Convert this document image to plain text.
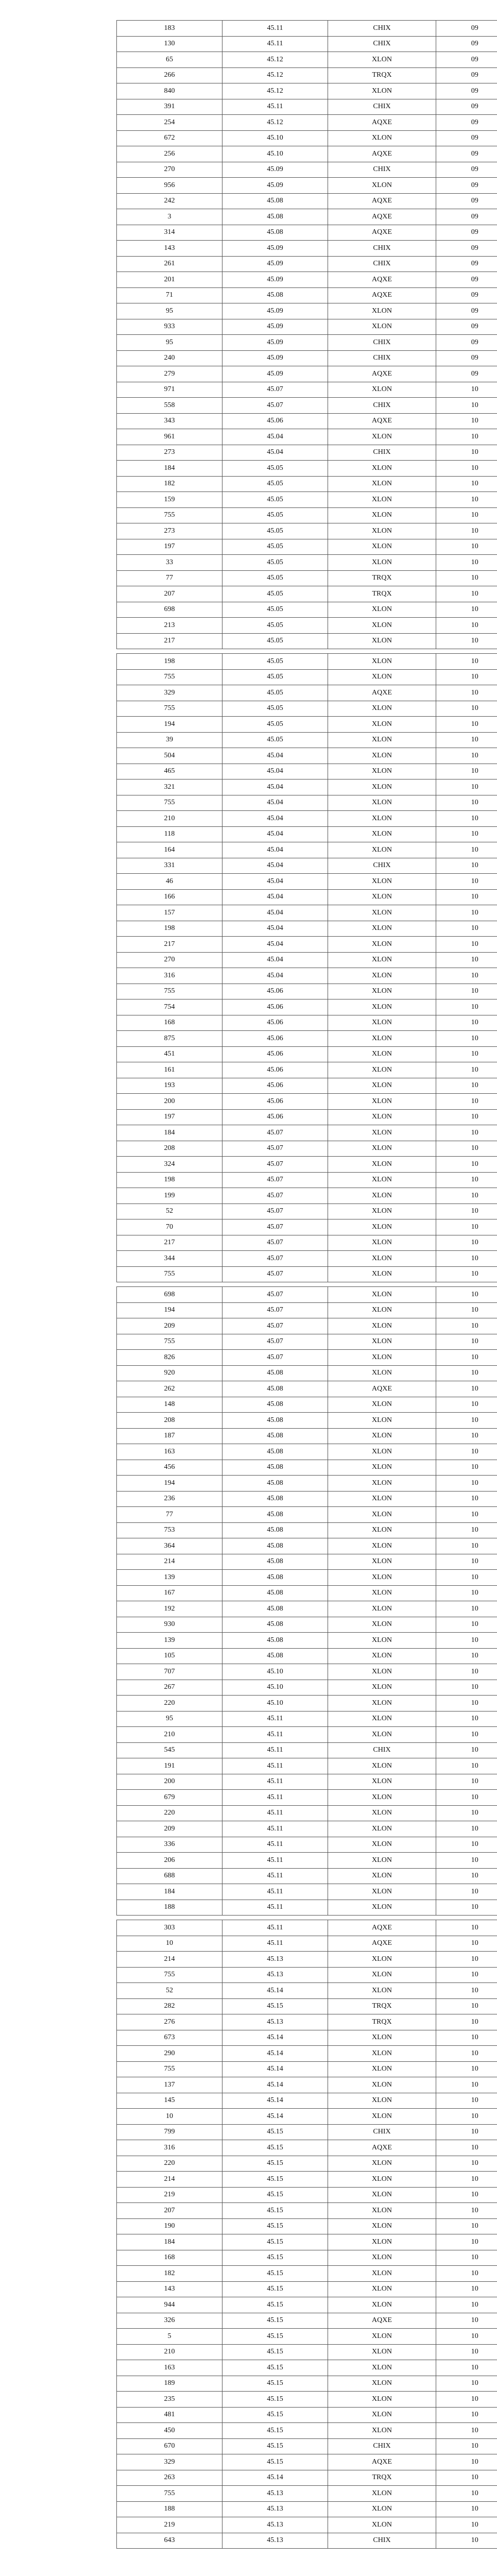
183	45.11	CHIX	09
130	45.11	CHIX	09
65	45.12	XLON	09
266	45.12	TRQX	09
840	45.12	XLON	09
391	45.11	CHIX	09
254	45.12	AQXE	09
672	45.10	XLON	09
256	45.10	AQXE	09
270	45.09	CHIX	09
956	45.09	XLON	09
242	45.08	AQXE	09
3	45.08	AQXE	09
314	45.08	AQXE	09
143	45.09	CHIX	09
261	45.09	CHIX	09
201	45.09	AQXE	09
71	45.08	AQXE	09
95	45.09	XLON	09
933	45.09	XLON	09
95	45.09	CHIX	09
240	45.09	CHIX	09
279	45.09	AQXE	09
971	45.07	XLON	10
558	45.07	CHIX	10
343	45.06	AQXE	10
961	45.04	XLON	10
273	45.04	CHIX	10
184	45.05	XLON	10
182	45.05	XLON	10
159	45.05	XLON	10
755	45.05	XLON	10
273	45.05	XLON	10
197	45.05	XLON	10
33	45.05	XLON	10
77	45.05	TRQX	10
207	45.05	TRQX	10
698	45.05	XLON	10
213	45.05	XLON	10
217	45.05	XLON	10
198	45.05	XLON	10
755	45.05	XLON	10
329	45.05	AQXE	10
755	45.05	XLON	10
194	45.05	XLON	10
39	45.05	XLON	10
504	45.04	XLON	10
465	45.04	XLON	10
321	45.04	XLON	10
755	45.04	XLON	10
210	45.04	XLON	10
118	45.04	XLON	10
164	45.04	XLON	10
331	45.04	CHIX	10
46	45.04	XLON	10
166	45.04	XLON	10
157	45.04	XLON	10
198	45.04	XLON	10
217	45.04	XLON	10
270	45.04	XLON	10
316	45.04	XLON	10
755	45.06	XLON	10
754	45.06	XLON	10
168	45.06	XLON	10
875	45.06	XLON	10
451	45.06	XLON	10
161	45.06	XLON	10
193	45.06	XLON	10
200	45.06	XLON	10
197	45.06	XLON	10
184	45.07	XLON	10
208	45.07	XLON	10
324	45.07	XLON	10
198	45.07	XLON	10
199	45.07	XLON	10
52	45.07	XLON	10
70	45.07	XLON	10
217	45.07	XLON	10
344	45.07	XLON	10
755	45.07	XLON	10
698	45.07	XLON	10
194	45.07	XLON	10
209	45.07	XLON	10
755	45.07	XLON	10
826	45.07	XLON	10
920	45.08	XLON	10
262	45.08	AQXE	10
148	45.08	XLON	10
208	45.08	XLON	10
187	45.08	XLON	10
163	45.08	XLON	10
456	45.08	XLON	10
194	45.08	XLON	10
236	45.08	XLON	10
77	45.08	XLON	10
753	45.08	XLON	10
364	45.08	XLON	10
214	45.08	XLON	10
139	45.08	XLON	10
167	45.08	XLON	10
192	45.08	XLON	10
930	45.08	XLON	10
139	45.08	XLON	10
105	45.08	XLON	10
707	45.10	XLON	10
267	45.10	XLON	10
220	45.10	XLON	10
95	45.11	XLON	10
210	45.11	XLON	10
545	45.11	CHIX	10
191	45.11	XLON	10
200	45.11	XLON	10
679	45.11	XLON	10
220	45.11	XLON	10
209	45.11	XLON	10
336	45.11	XLON	10
206	45.11	XLON	10
688	45.11	XLON	10
184	45.11	XLON	10
188	45.11	XLON	10
303	45.11	AQXE	10
10	45.11	AQXE	10
214	45.13	XLON	10
755	45.13	XLON	10
52	45.14	XLON	10
282	45.15	TRQX	10
276	45.13	TRQX	10
673	45.14	XLON	10
290	45.14	XLON	10
755	45.14	XLON	10
137	45.14	XLON	10
145	45.14	XLON	10
10	45.14	XLON	10
799	45.15	CHIX	10
316	45.15	AQXE	10
220	45.15	XLON	10
214	45.15	XLON	10
219	45.15	XLON	10
207	45.15	XLON	10
190	45.15	XLON	10
184	45.15	XLON	10
168	45.15	XLON	10
182	45.15	XLON	10
143	45.15	XLON	10
944	45.15	XLON	10
326	45.15	AQXE	10
5	45.15	XLON	10
210	45.15	XLON	10
163	45.15	XLON	10
189	45.15	XLON	10
235	45.15	XLON	10
481	45.15	XLON	10
450	45.15	XLON	10
670	45.15	CHIX	10
329	45.15	AQXE	10
263	45.14	TRQX	10
755	45.13	XLON	10
188	45.13	XLON	10
219	45.13	XLON	10
643	45.13	CHIX	10
